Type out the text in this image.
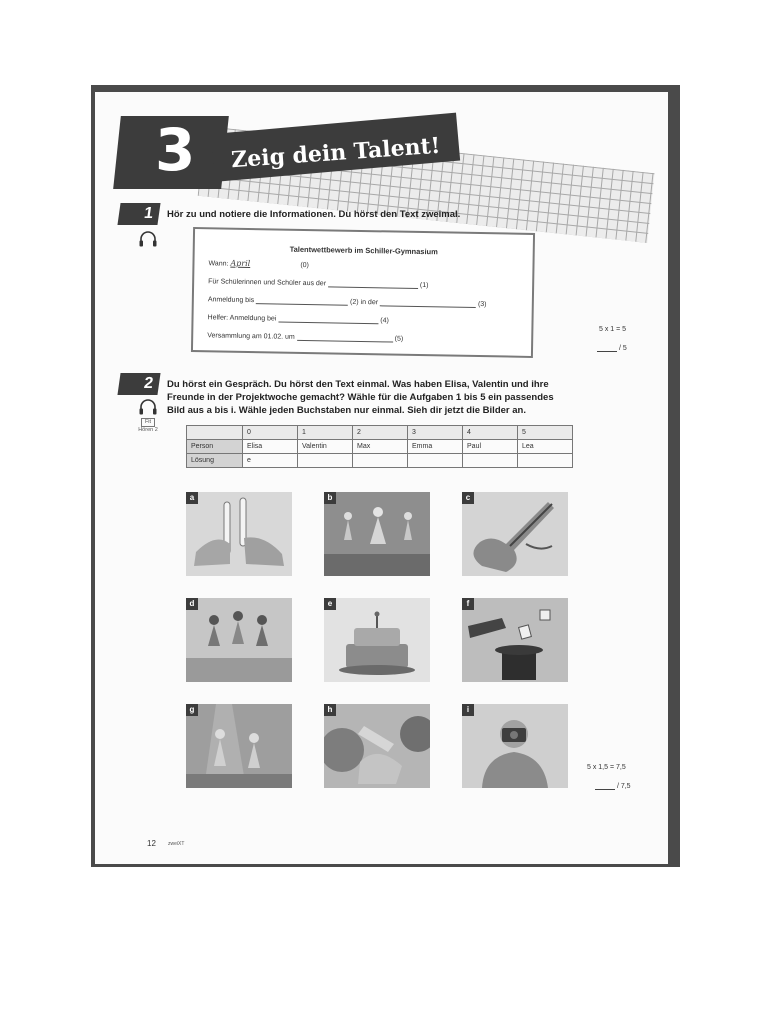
3 Zeig dein Talent!
1	Hör zu und notiere die Informationen. Du hörst den Text zweimal.
Talentwettbewerb im Schiller-Gymnasium
Wann: April	(0)
Für Schülerinnen und Schüler aus der	(1)
Anmeldung bis	(2) in der	(3)
Helfer: Anmeldung bei	(4)
Versammlung am 01.02. um	(5)
5 x 1 = 5
/ 5
2	Du hörst ein Gespräch. Du hörst den Text einmal. Was haben Elisa, Valentin und ihre
Freunde in der Projektwoche gemacht? Wähle für die Aufgaben 1 bis 5 ein passendes
Bild aus a bis i. Wähle jeden Buchstaben nur einmal. Sieh dir jetzt die Bilder an.
Fit
Hören 2
		0	1	2	3	4	5
Person	Elisa	Valentin	Max	Emma	Paul	Lea
Lösung	e					
a	b	c
d	e	f
g	h	i
5 x 1,5 = 7,5
/ 7,5
12 zweiXT
